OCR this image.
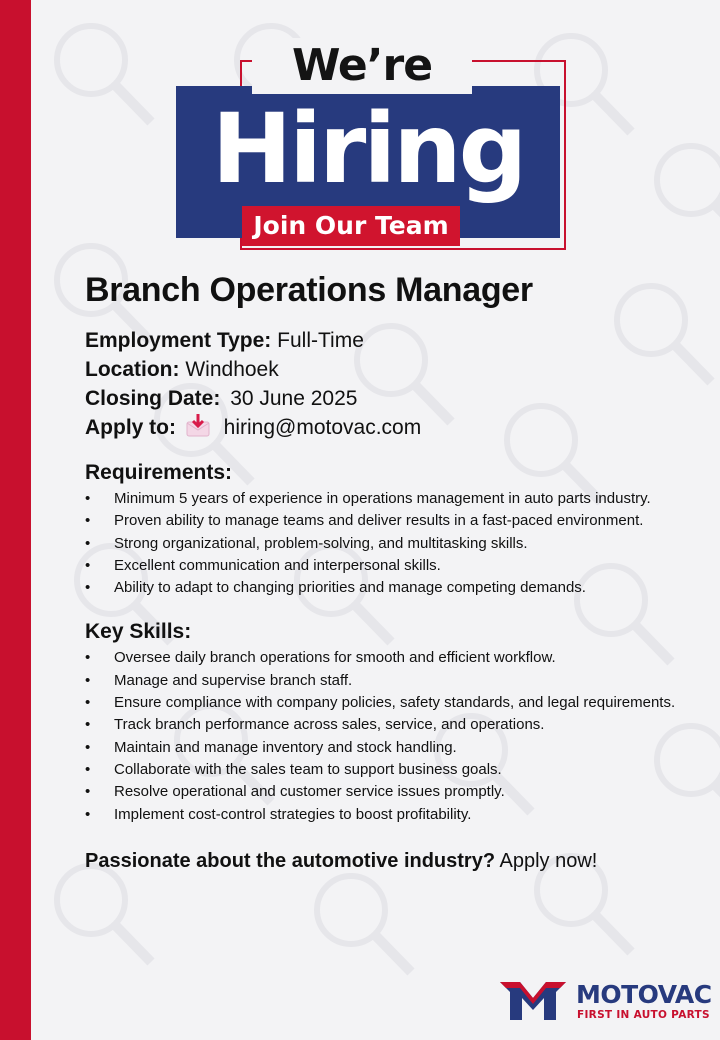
We’re
Hiring
Join Our Team
Branch Operations Manager
Employment Type: Full-Time
Location: Windhoek
Closing Date: 30 June 2025
Apply to: hiring@motovac.com
Requirements:
• Minimum 5 years of experience in operations management in auto parts industry.
• Proven ability to manage teams and deliver results in a fast-paced environment.
• Strong organizational, problem-solving, and multitasking skills.
• Excellent communication and interpersonal skills.
• Ability to adapt to changing priorities and manage competing demands.
Key Skills:
• Oversee daily branch operations for smooth and efficient workflow.
• Manage and supervise branch staff.
• Ensure compliance with company policies, safety standards, and legal requirements.
• Track branch performance across sales, service, and operations.
• Maintain and manage inventory and stock handling.
• Collaborate with the sales team to support business goals.
• Resolve operational and customer service issues promptly.
• Implement cost-control strategies to boost profitability.
Passionate about the automotive industry? Apply now!
MOTOVAC
FIRST IN AUTO PARTS
